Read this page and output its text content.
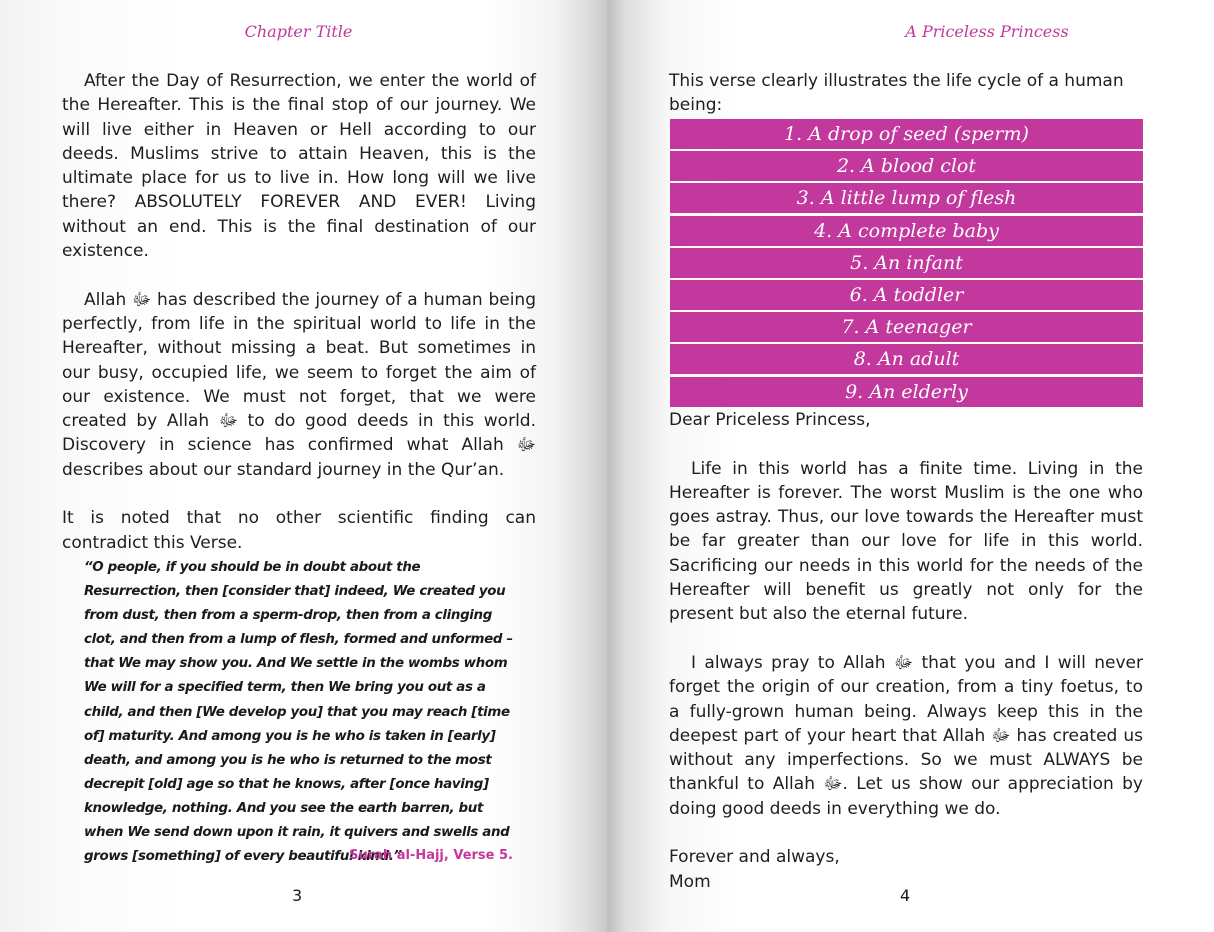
Chapter Title

After the Day of Resurrection, we enter the world of the Hereafter. This is the final stop of our journey. We will live either in Heaven or Hell according to our deeds. Muslims strive to attain Heaven, this is the ultimate place for us to live in. How long will we live there? ABSOLUTELY FOREVER AND EVER! Living without an end. This is the final destination of our existence.

Allah ﷻ has described the journey of a human being perfectly, from life in the spiritual world to life in the Hereafter, without missing a beat. But sometimes in our busy, occupied life, we seem to forget the aim of our existence. We must not forget, that we were created by Allah ﷻ to do good deeds in this world. Discovery in science has confirmed what Allah ﷻ describes about our standard journey in the Qur’an.

It is noted that no other scientific finding can contradict this Verse.

“O people, if you should be in doubt about the Resurrection, then [consider that] indeed, We created you from dust, then from a sperm-drop, then from a clinging clot, and then from a lump of flesh, formed and unformed – that We may show you. And We settle in the wombs whom We will for a specified term, then We bring you out as a child, and then [We develop you] that you may reach [time of] maturity. And among you is he who is taken in [early] death, and among you is he who is returned to the most decrepit [old] age so that he knows, after [once having] knowledge, nothing. And you see the earth barren, but when We send down upon it rain, it quivers and swells and grows [something] of every beautiful kind.”
Surah al-Hajj, Verse 5.
3
A Priceless Princess

This verse clearly illustrates the life cycle of a human being:

1. A drop of seed (sperm)
2. A blood clot
3. A little lump of flesh
4. A complete baby
5. An infant
6. A toddler
7. A teenager
8. An adult
9. An elderly

Dear Priceless Princess,

Life in this world has a finite time. Living in the Hereafter is forever. The worst Muslim is the one who goes astray. Thus, our love towards the Hereafter must be far greater than our love for life in this world. Sacrificing our needs in this world for the needs of the Hereafter will benefit us greatly not only for the present but also the eternal future.

I always pray to Allah ﷻ that you and I will never forget the origin of our creation, from a tiny foetus, to a fully-grown human being. Always keep this in the deepest part of your heart that Allah ﷻ has created us without any imperfections. So we must ALWAYS be thankful to Allah ﷻ. Let us show our appreciation by doing good deeds in everything we do.

Forever and always,

Mom

4
